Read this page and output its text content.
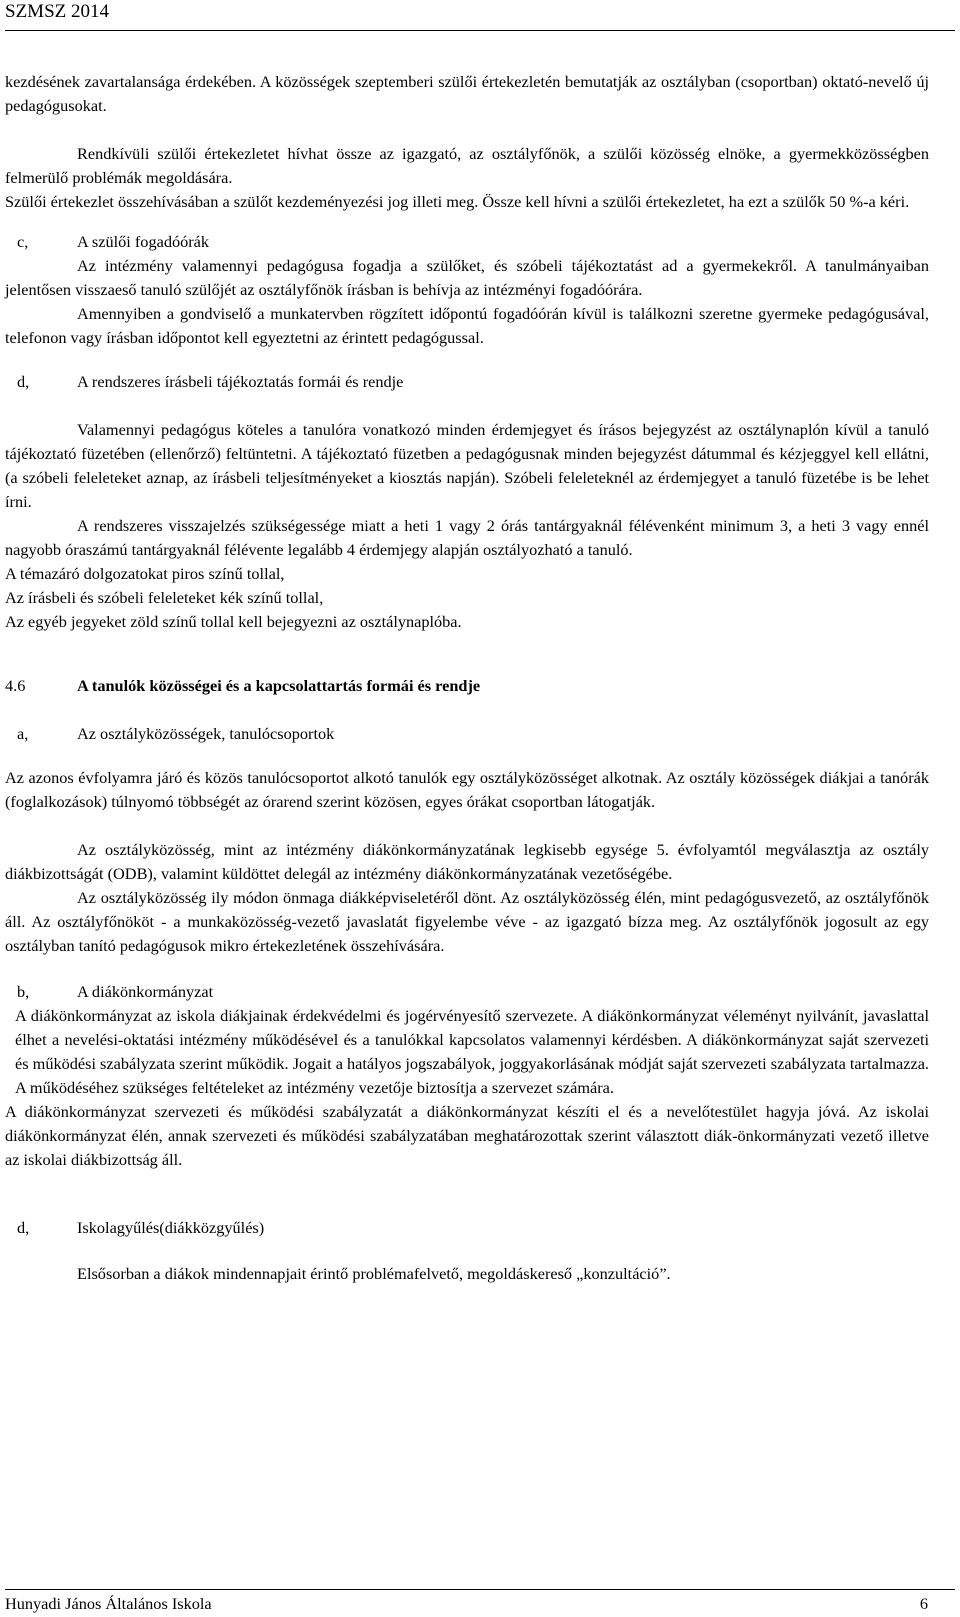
SZMSZ 2014

kezdésének zavartalansága érdekében. A közösségek szeptemberi szülői értekezletén bemutatják az osztályban (csoportban) oktató-nevelő új pedagógusokat.

Rendkívüli szülői értekezletet hívhat össze az igazgató, az osztályfőnök, a szülői közösség elnöke, a gyermekközösségben felmerülő problémák megoldására.

Szülői értekezlet összehívásában a szülőt kezdeményezési jog illeti meg. Össze kell hívni a szülői értekezletet, ha ezt a szülők 50 %-a kéri.

c,	A szülői fogadóórák

Az intézmény valamennyi pedagógusa fogadja a szülőket, és szóbeli tájékoztatást ad a gyermekekről. A tanulmányaiban jelentősen visszaeső tanuló szülőjét az osztályfőnök írásban is behívja az intézményi fogadóórára.

Amennyiben a gondviselő a munkatervben rögzített időpontú fogadóórán kívül is találkozni szeretne gyermeke pedagógusával, telefonon vagy írásban időpontot kell egyeztetni az érintett pedagógussal.

d,	A rendszeres írásbeli tájékoztatás formái és rendje

Valamennyi pedagógus köteles a tanulóra vonatkozó minden érdemjegyet és írásos bejegyzést az osztálynaplón kívül a tanuló tájékoztató füzetében (ellenőrző) feltüntetni. A tájékoztató füzetben a pedagógusnak minden bejegyzést dátummal és kézjeggyel kell ellátni, (a szóbeli feleleteket aznap, az írásbeli teljesítményeket a kiosztás napján). Szóbeli feleleteknél az érdemjegyet a tanuló füzetébe is be lehet írni.

A rendszeres visszajelzés szükségessége miatt a heti 1 vagy 2 órás tantárgyaknál félévenként minimum 3, a heti 3 vagy ennél nagyobb óraszámú tantárgyaknál félévente legalább 4 érdemjegy alapján osztályozható a tanuló.

A témazáró dolgozatokat piros színű tollal,

Az írásbeli és szóbeli feleleteket kék színű tollal,

Az egyéb jegyeket zöld színű tollal kell bejegyezni az osztálynaplóba.

4.6	A tanulók közösségei és a kapcsolattartás formái és rendje
a,	Az osztályközösségek, tanulócsoportok

Az azonos évfolyamra járó és közös tanulócsoportot alkotó tanulók egy osztályközösséget alkotnak. Az osztály közösségek diákjai a tanórák (foglalkozások) túlnyomó többségét az órarend szerint közösen, egyes órákat csoportban látogatják.

Az osztályközösség, mint az intézmény diákönkormányzatának legkisebb egysége 5. évfolyamtól megválasztja az osztály diákbizottságát (ODB), valamint küldöttet delegál az intézmény diákönkormányzatának vezetőségébe.

Az osztályközösség ily módon önmaga diákképviseletéről dönt. Az osztályközösség élén, mint pedagógusvezető, az osztályfőnök áll. Az osztályfőnököt - a munkaközösség-vezető javaslatát figyelembe véve - az igazgató bízza meg. Az osztályfőnök jogosult az egy osztályban tanító pedagógusok mikro értekezletének összehívására.

b,	A diákönkormányzat

A diákönkormányzat az iskola diákjainak érdekvédelmi és jogérvényesítő szervezete. A diákönkormányzat véleményt nyilvánít, javaslattal élhet a nevelési-oktatási intézmény működésével és a tanulókkal kapcsolatos valamennyi kérdésben. A diákönkormányzat saját szervezeti és működési szabályzata szerint működik. Jogait a hatályos jogszabályok, joggyakorlásának módját saját szervezeti szabályzata tartalmazza. A működéséhez szükséges feltételeket az intézmény vezetője biztosítja a szervezet számára.

A diákönkormányzat szervezeti és működési szabályzatát a diákönkormányzat készíti el és a nevelőtestület hagyja jóvá. Az iskolai diákönkormányzat élén, annak szervezeti és működési szabályzatában meghatározottak szerint választott diák-önkormányzati vezető illetve az iskolai diákbizottság áll.

d,	Iskolagyűlés(diákközgyűlés)

Elsősorban a diákok mindennapjait érintő problémafelvető, megoldáskereső „konzultáció”.

Hunyadi János Általános Iskola	6
